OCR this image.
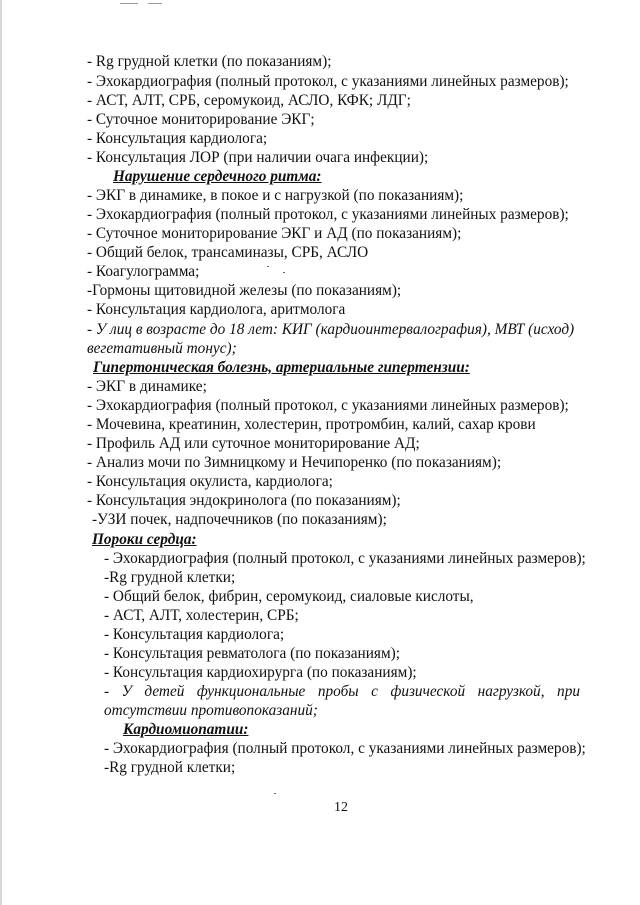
- Rg грудной клетки (по показаниям);
- Эхокардиография (полный протокол, с указаниями линейных размеров);
- АСТ, АЛТ, СРБ, серомукоид, АСЛО, КФК; ЛДГ;
- Суточное мониторирование ЭКГ;
- Консультация кардиолога;
- Консультация ЛОР (при наличии очага инфекции);
Нарушение сердечного ритма:
- ЭКГ в динамике, в покое и с нагрузкой (по показаниям);
- Эхокардиография (полный протокол, с указаниями линейных размеров);
- Суточное мониторирование ЭКГ и АД (по показаниям);
- Общий белок, трансаминазы, СРБ, АСЛО
- Коагулограмма;
-Гормоны щитовидной железы (по показаниям);
- Консультация кардиолога, аритмолога
- У лиц в возрасте до 18 лет: КИГ (кардиоинтервалография), МВТ (исход)
вегетативный тонус);
Гипертоническая болезнь, артериальные гипертензии:
- ЭКГ в динамике;
- Эхокардиография (полный протокол, с указаниями линейных размеров);
- Мочевина, креатинин, холестерин, протромбин, калий, сахар крови
- Профиль АД или суточное мониторирование АД;
- Анализ мочи по Зимницкому и Нечипоренко (по показаниям);
- Консультация окулиста, кардиолога;
- Консультация эндокринолога (по показаниям);
-УЗИ почек, надпочечников (по показаниям);
Пороки сердца:
- Эхокардиография (полный протокол, с указаниями линейных размеров);
-Rg грудной клетки;
- Общий белок, фибрин, серомукоид, сиаловые кислоты,
- АСТ, АЛТ, холестерин, СРБ;
- Консультация кардиолога;
- Консультация ревматолога (по показаниям);
- Консультация кардиохирурга (по показаниям);
- У детей функциональные пробы с физической нагрузкой, при
отсутствии противопоказаний;
Кардиомиопатии:
- Эхокардиография (полный протокол, с указаниями линейных размеров);
-Rg грудной клетки;
12
